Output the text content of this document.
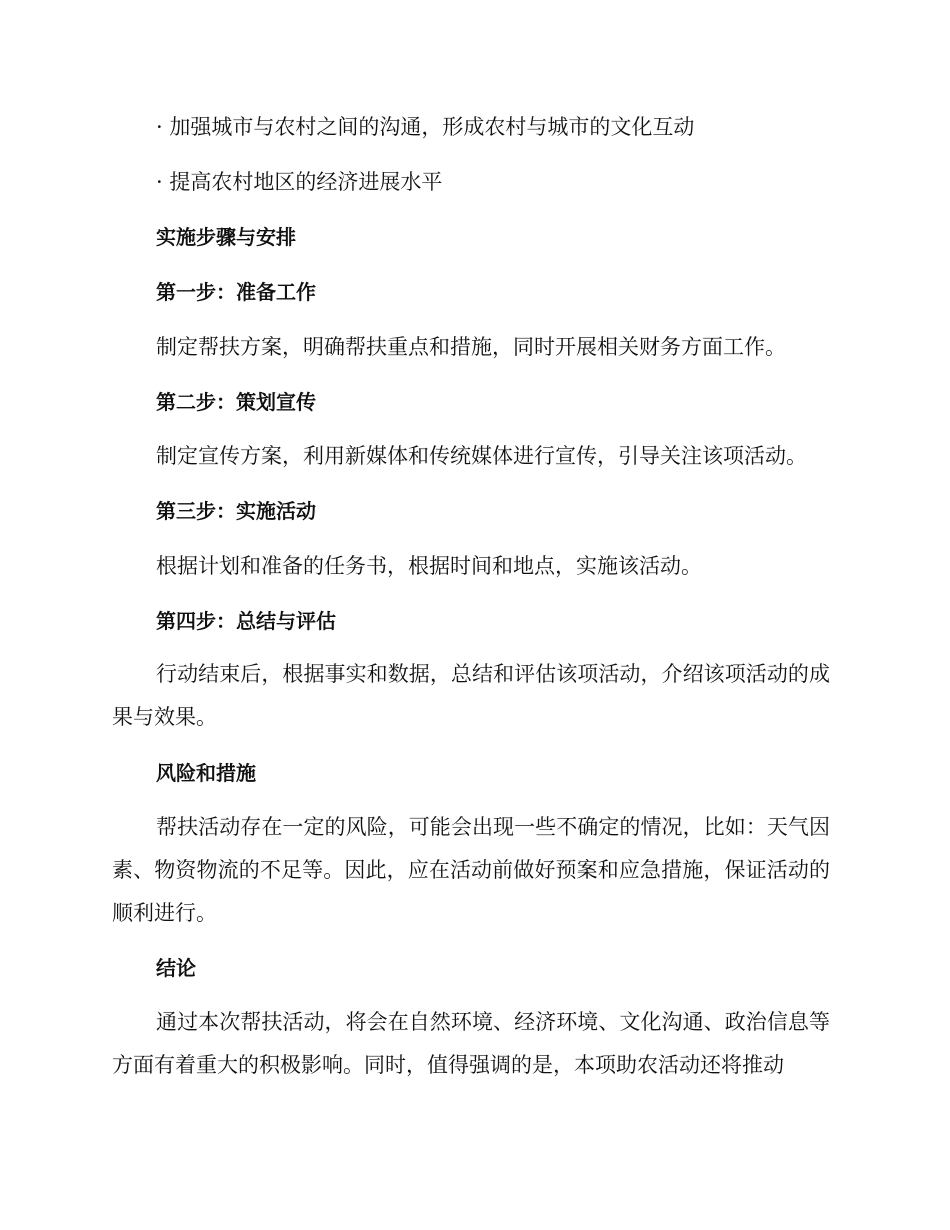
· 加强城市与农村之间的沟通，形成农村与城市的文化互动
· 提高农村地区的经济进展水平
实施步骤与安排
第一步：准备工作
制定帮扶方案，明确帮扶重点和措施，同时开展相关财务方面工作。
第二步：策划宣传
制定宣传方案，利用新媒体和传统媒体进行宣传，引导关注该项活动。
第三步：实施活动
根据计划和准备的任务书，根据时间和地点，实施该活动。
第四步：总结与评估
行动结束后，根据事实和数据，总结和评估该项活动，介绍该项活动的成果与效果。
风险和措施
帮扶活动存在一定的风险，可能会出现一些不确定的情况，比如：天气因素、物资物流的不足等。因此，应在活动前做好预案和应急措施，保证活动的顺利进行。
结论
通过本次帮扶活动，将会在自然环境、经济环境、文化沟通、政治信息等方面有着重大的积极影响。同时，值得强调的是，本项助农活动还将推动
